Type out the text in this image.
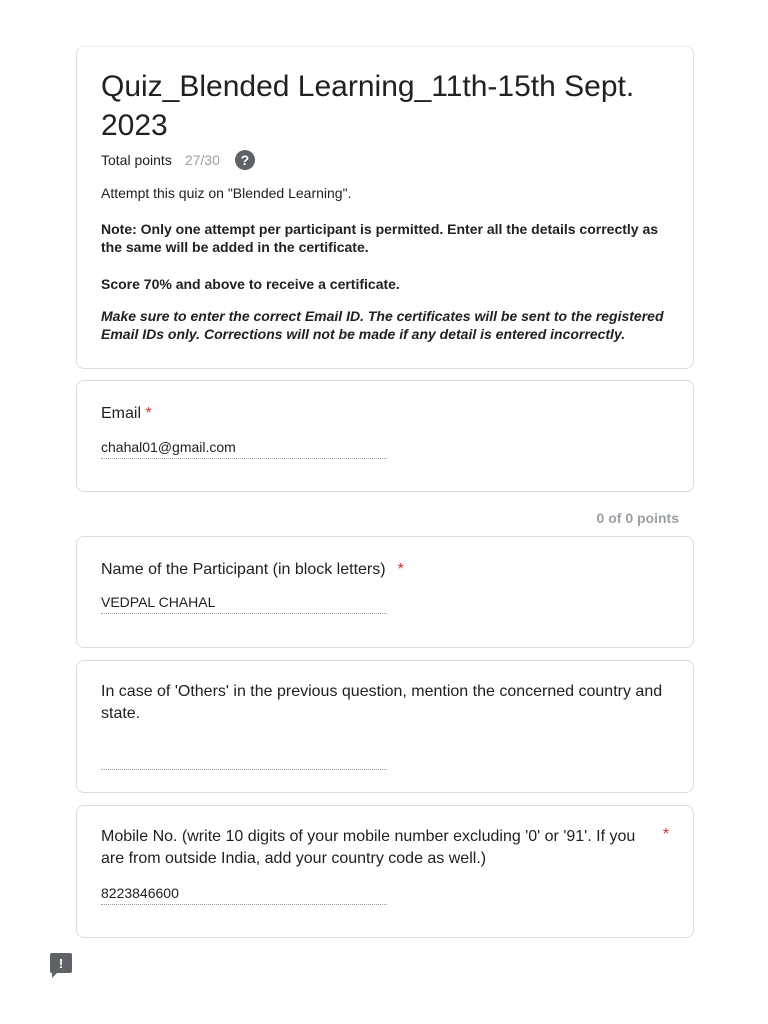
Quiz_Blended Learning_11th-15th Sept. 2023
Total points 27/30	?

Attempt this quiz on "Blended Learning".

Note: Only one attempt per participant is permitted. Enter all the details correctly as the same will be added in the certificate.

Score 70% and above to receive a certificate.

Make sure to enter the correct Email ID. The certificates will be sent to the registered Email IDs only. Corrections will not be made if any detail is entered incorrectly.

Email *

chahal01@gmail.com
0 of 0 points

Name of the Participant (in block letters) *

VEDPAL CHAHAL

In case of 'Others' in the previous question, mention the concerned country and state.

Mobile No. (write 10 digits of your mobile number excluding '0' or '91'. If you are from outside India, add your country code as well.)

*
8223846600
!
